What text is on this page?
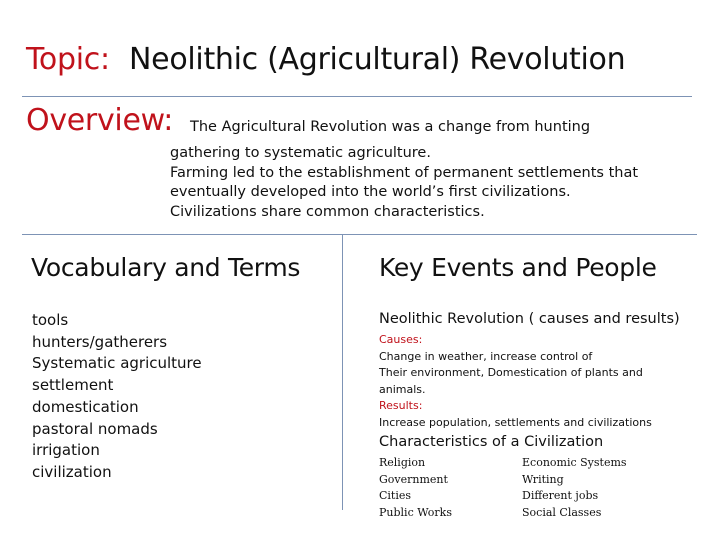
Topic: Neolithic (Agricultural) Revolution
Overview: The Agricultural Revolution was a change from hunting
gathering to systematic agriculture.
Farming led to the establishment of permanent settlements that
eventually developed into the world’s first civilizations.
Civilizations share common characteristics.
Vocabulary and Terms
tools
hunters/gatherers
Systematic agriculture
settlement
domestication
pastoral nomads
irrigation
civilization
Key Events and People
Neolithic Revolution ( causes and results)
Causes:
Change in weather, increase control of
Their environment, Domestication of plants and
animals.
Results:
Increase population, settlements and civilizations
Characteristics of a Civilization
Religion
Government
Cities
Public Works
Economic Systems
Writing
Different jobs
Social Classes
